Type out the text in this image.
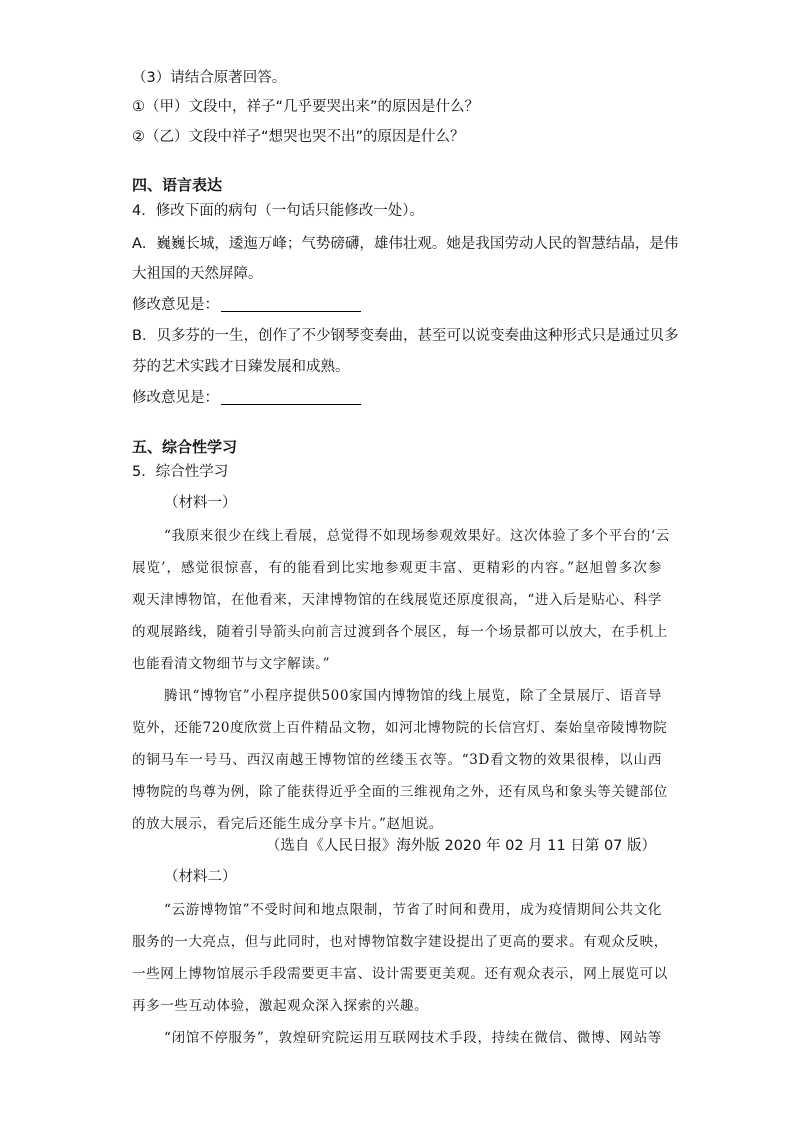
（3）请结合原著回答。
①（甲）文段中，祥子“几乎要哭出来”的原因是什么？
②（乙）文段中祥子“想哭也哭不出”的原因是什么？
四、语言表达
4．修改下面的病句（一句话只能修改一处）。
A．巍巍长城，逶迤万峰；气势磅礴，雄伟壮观。她是我国劳动人民的智慧结晶，是伟
大祖国的天然屏障。
修改意见是：
B．贝多芬的一生，创作了不少钢琴变奏曲，甚至可以说变奏曲这种形式只是通过贝多
芬的艺术实践才日臻发展和成熟。
修改意见是：
五、综合性学习
5．综合性学习
（材料一）
“我原来很少在线上看展，总觉得不如现场参观效果好。这次体验了多个平台的‘云
展览’，感觉很惊喜，有的能看到比实地参观更丰富、更精彩的内容。”赵旭曾多次参
观天津博物馆，在他看来，天津博物馆的在线展览还原度很高，“进入后是贴心、科学
的观展路线，随着引导箭头向前言过渡到各个展区，每一个场景都可以放大，在手机上
也能看清文物细节与文字解读。”
腾讯“博物官”小程序提供500家国内博物馆的线上展览，除了全景展厅、语音导
览外，还能720度欣赏上百件精品文物，如河北博物院的长信宫灯、秦始皇帝陵博物院
的铜马车一号马、西汉南越王博物馆的丝缕玉衣等。“3D看文物的效果很棒，以山西
博物院的鸟尊为例，除了能获得近乎全面的三维视角之外，还有凤鸟和象头等关键部位
的放大展示，看完后还能生成分享卡片。”赵旭说。
（选自《人民日报》海外版 2020 年 02 月 11 日第 07 版）
（材料二）
“云游博物馆”不受时间和地点限制，节省了时间和费用，成为疫情期间公共文化
服务的一大亮点，但与此同时，也对博物馆数字建设提出了更高的要求。有观众反映，
一些网上博物馆展示手段需要更丰富、设计需要更美观。还有观众表示，网上展览可以
再多一些互动体验，激起观众深入探索的兴趣。
“闭馆不停服务”，敦煌研究院运用互联网技术手段，持续在微信、微博、网站等
